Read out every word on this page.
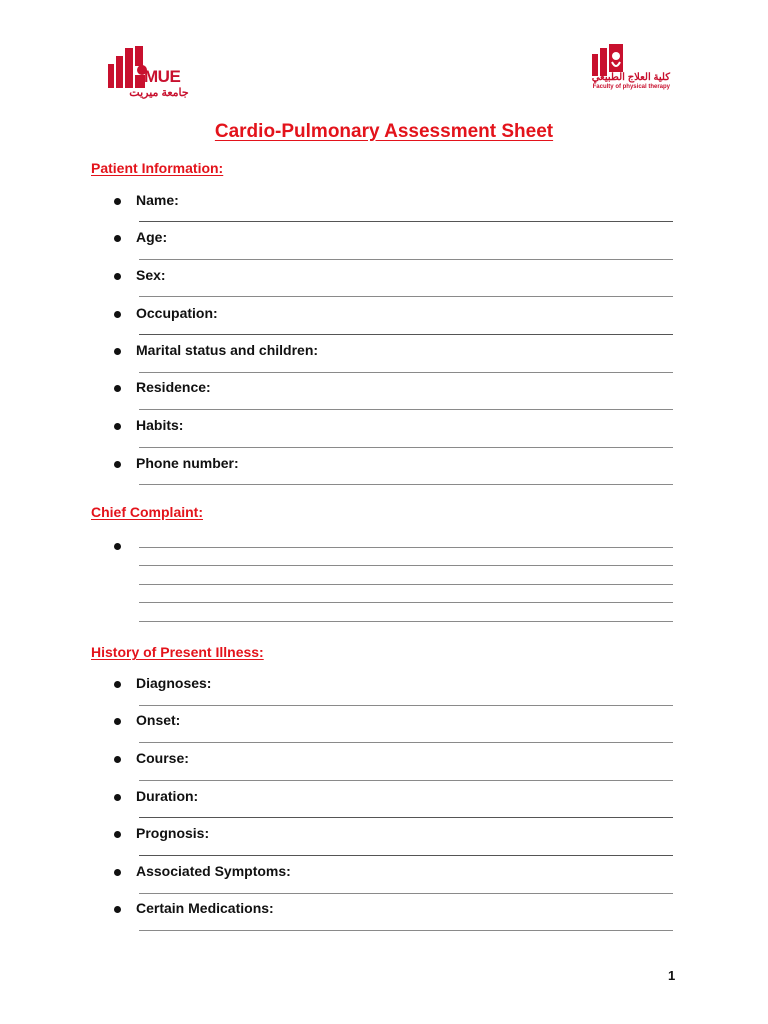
MUE
جامعة ميريت
كلية العلاج الطبيعي
Faculty of physical therapy
Cardio-Pulmonary Assessment Sheet
Patient Information:
Name:
Age:
Sex:
Occupation:
Marital status and children:
Residence:
Habits:
Phone number:
Chief Complaint:
History of Present Illness:
Diagnoses:
Onset:
Course:
Duration:
Prognosis:
Associated Symptoms:
Certain Medications:
1
